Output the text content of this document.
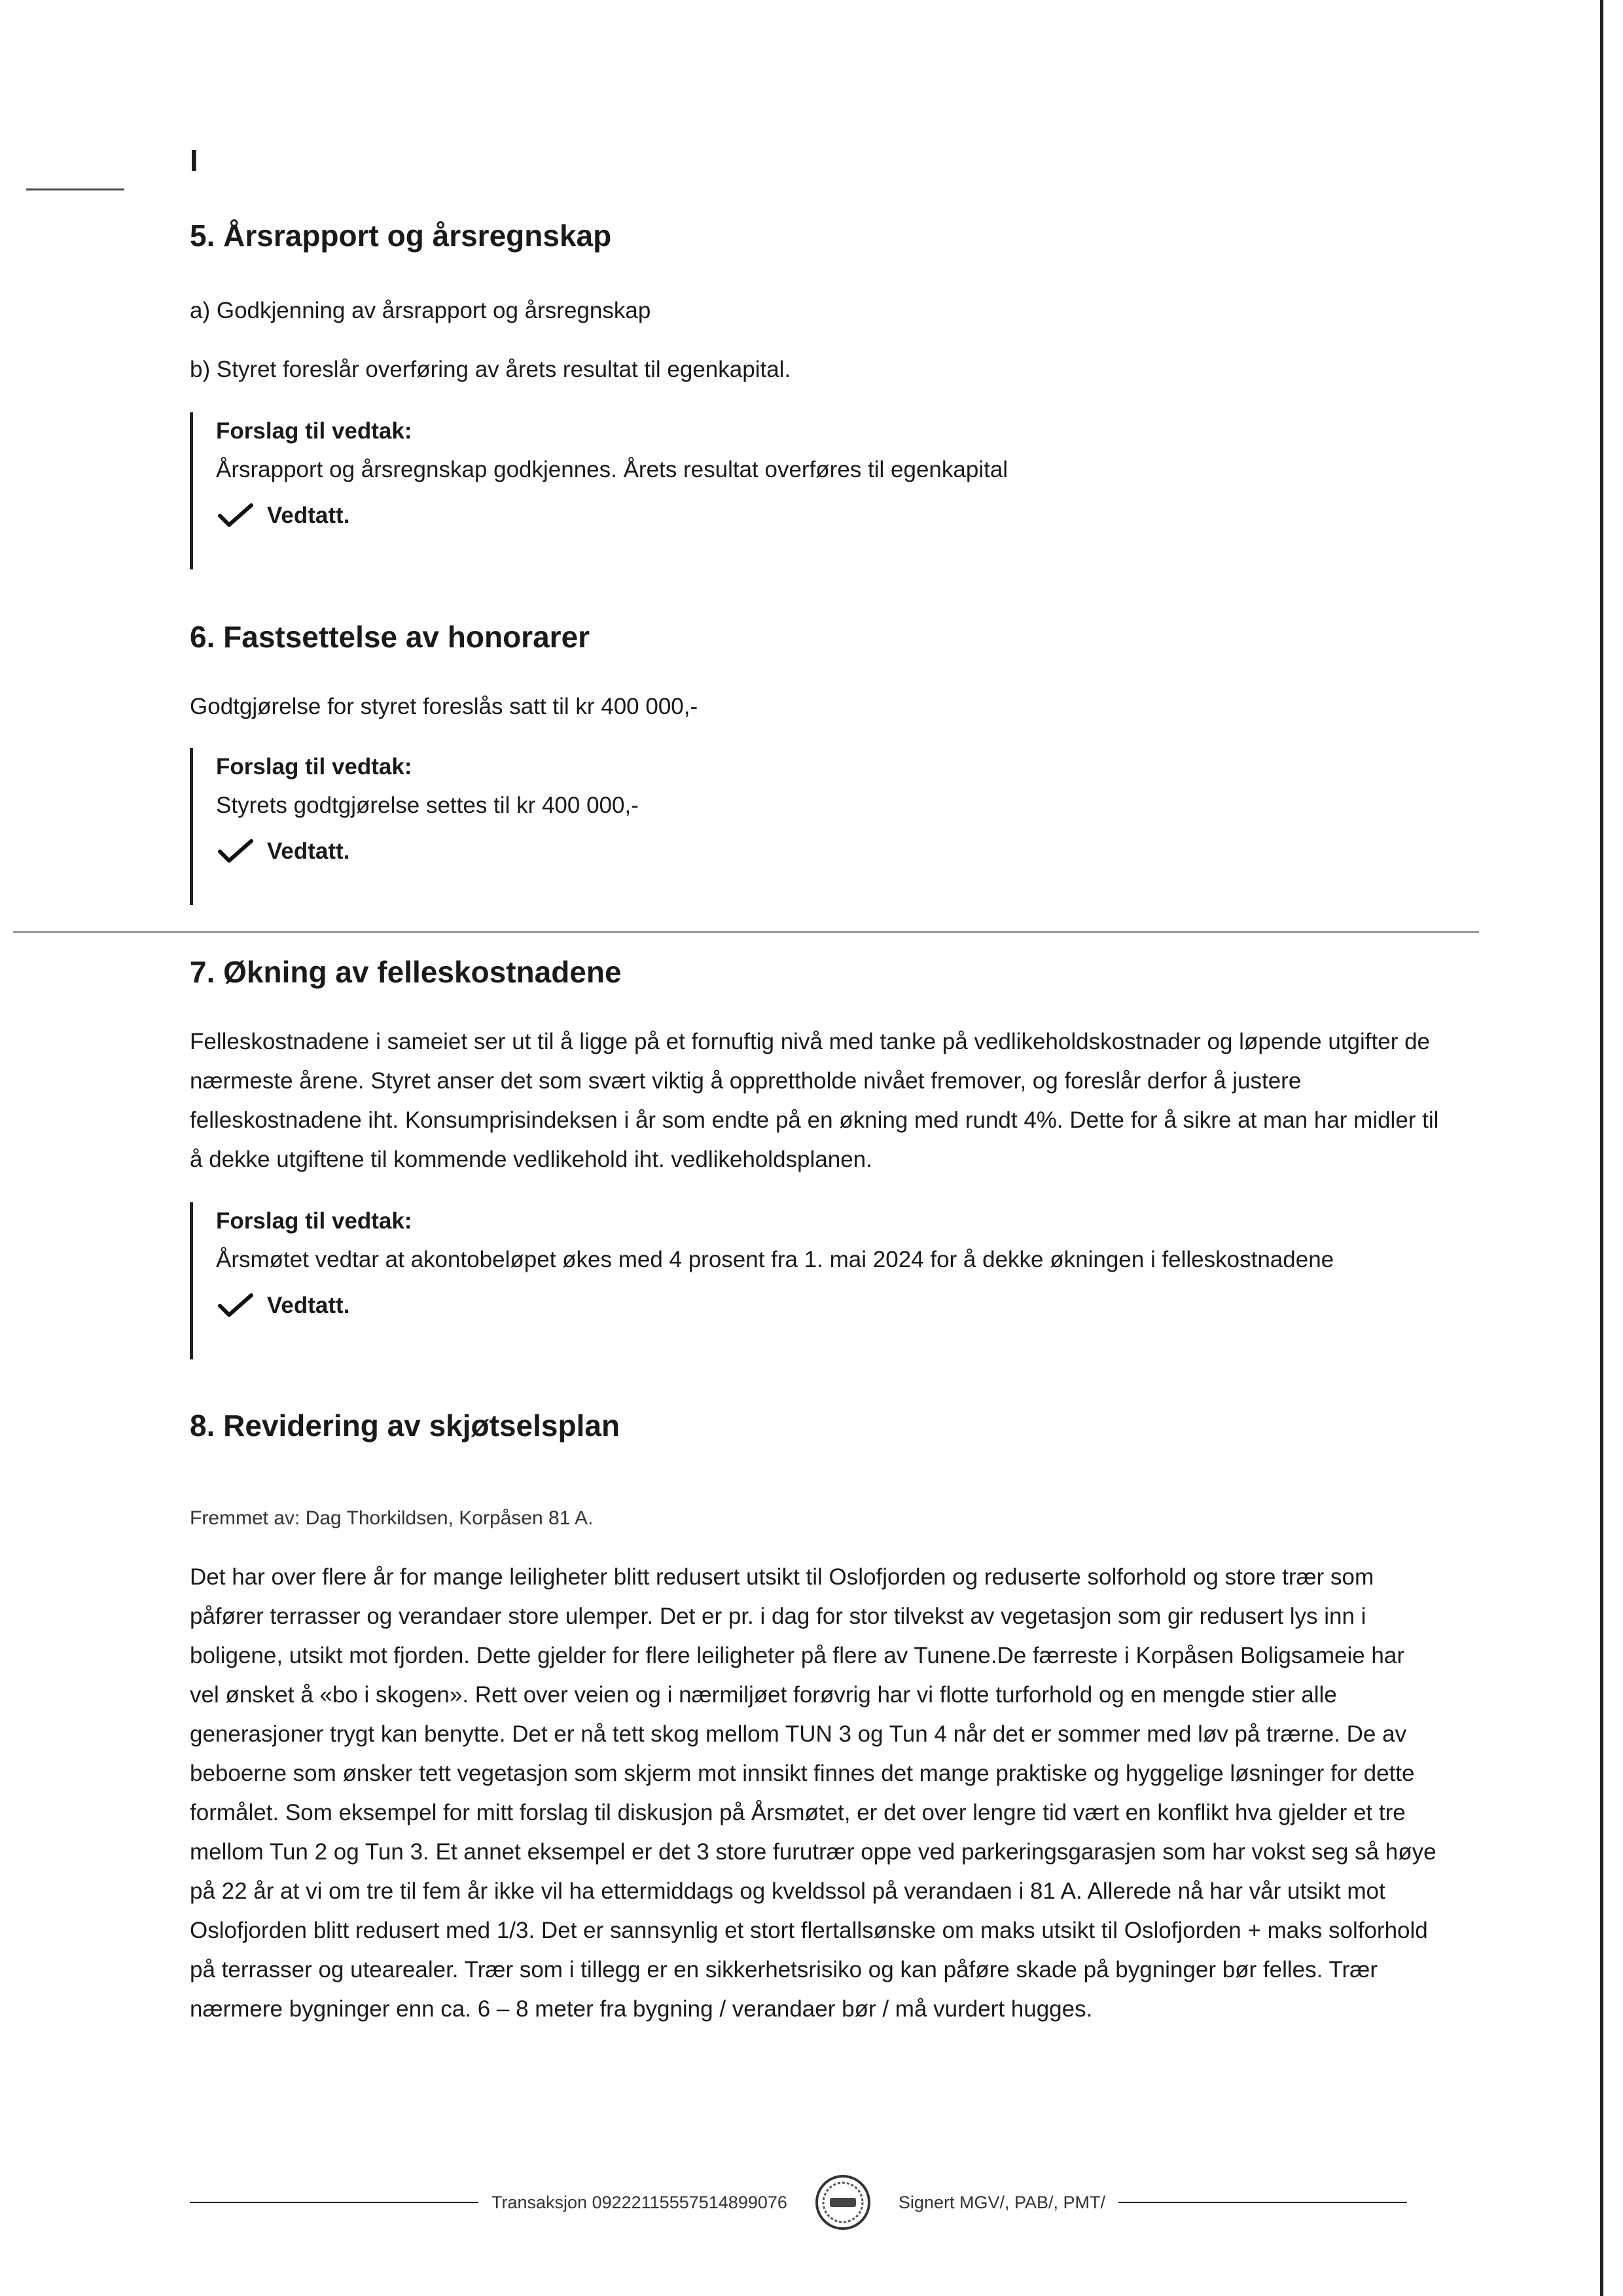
I
5. Årsrapport og årsregnskap

a) Godkjenning av årsrapport og årsregnskap

b) Styret foreslår overføring av årets resultat til egenkapital.

Forslag til vedtak:
Årsrapport og årsregnskap godkjennes. Årets resultat overføres til egenkapital
Vedtatt.
6. Fastsettelse av honorarer

Godtgjørelse for styret foreslås satt til kr 400 000,-

Forslag til vedtak:
Styrets godtgjørelse settes til kr 400 000,-
Vedtatt.
7. Økning av felleskostnadene

Felleskostnadene i sameiet ser ut til å ligge på et fornuftig nivå med tanke på vedlikeholdskostnader og løpende utgifter de nærmeste årene. Styret anser det som svært viktig å opprettholde nivået fremover, og foreslår derfor å justere felleskostnadene iht. Konsumprisindeksen i år som endte på en økning med rundt 4%. Dette for å sikre at man har midler til å dekke utgiftene til kommende vedlikehold iht. vedlikeholdsplanen.

Forslag til vedtak:
Årsmøtet vedtar at akontobeløpet økes med 4 prosent fra 1. mai 2024 for å dekke økningen i felleskostnadene
Vedtatt.
8. Revidering av skjøtselsplan

Fremmet av: Dag Thorkildsen, Korpåsen 81 A.

Det har over flere år for mange leiligheter blitt redusert utsikt til Oslofjorden og reduserte solforhold og store trær som påfører terrasser og verandaer store ulemper. Det er pr. i dag for stor tilvekst av vegetasjon som gir redusert lys inn i boligene, utsikt mot fjorden. Dette gjelder for flere leiligheter på flere av Tunene.De færreste i Korpåsen Boligsameie har vel ønsket å «bo i skogen». Rett over veien og i nærmiljøet forøvrig har vi flotte turforhold og en mengde stier alle generasjoner trygt kan benytte. Det er nå tett skog mellom TUN 3 og Tun 4 når det er sommer med løv på trærne. De av beboerne som ønsker tett vegetasjon som skjerm mot innsikt finnes det mange praktiske og hyggelige løsninger for dette formålet. Som eksempel for mitt forslag til diskusjon på Årsmøtet, er det over lengre tid vært en konflikt hva gjelder et tre mellom Tun 2 og Tun 3. Et annet eksempel er det 3 store furutrær oppe ved parkeringsgarasjen som har vokst seg så høye på 22 år at vi om tre til fem år ikke vil ha ettermiddags og kveldssol på verandaen i 81 A. Allerede nå har vår utsikt mot Oslofjorden blitt redusert med 1/3. Det er sannsynlig et stort flertallsønske om maks utsikt til Oslofjorden + maks solforhold på terrasser og utearealer. Trær som i tillegg er en sikkerhetsrisiko og kan påføre skade på bygninger bør felles. Trær nærmere bygninger enn ca. 6 – 8 meter fra bygning / verandaer bør / må vurdert hugges.

Transaksjon 09222115557514899076	Signert MGV/, PAB/, PMT/
